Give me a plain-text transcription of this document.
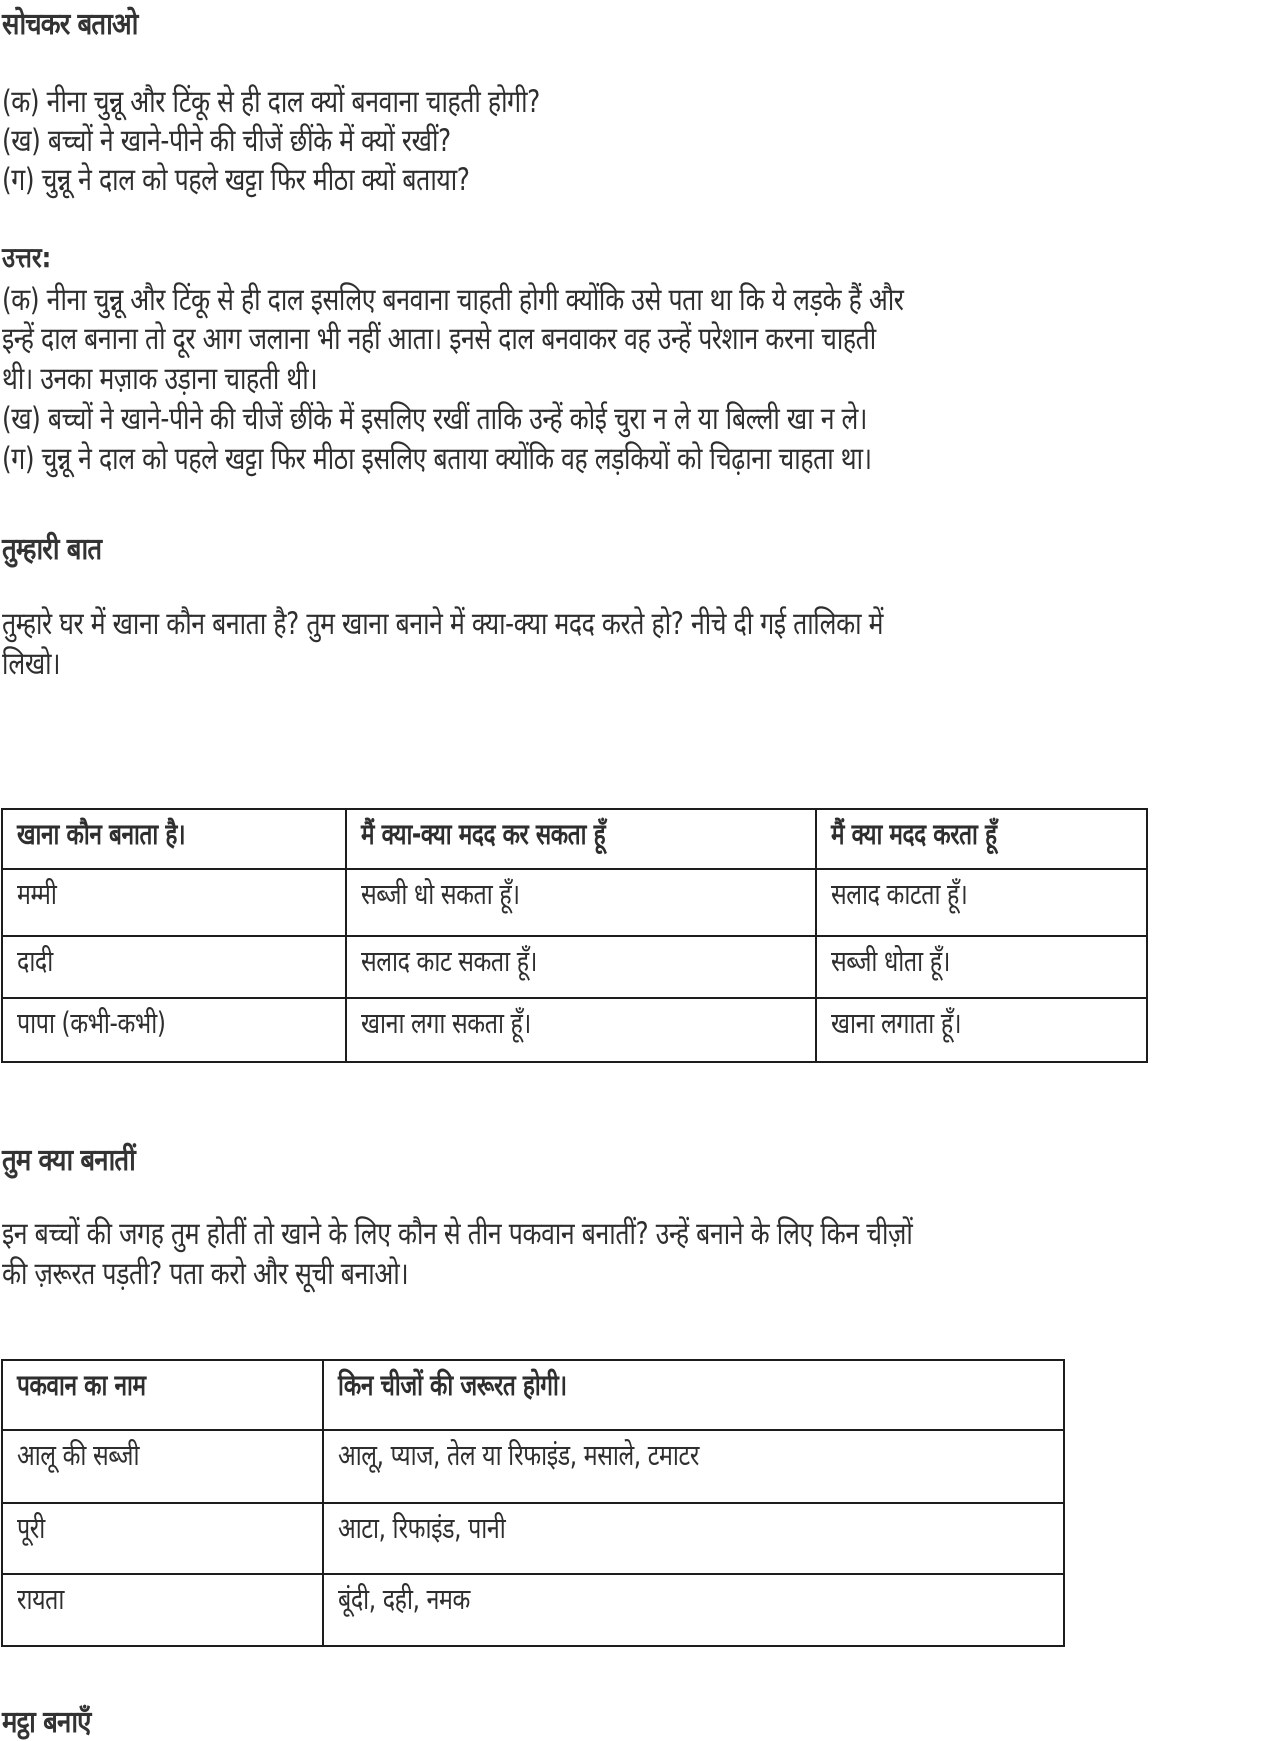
सोचकर बताओ
(क) नीना चुन्नू और टिंकू से ही दाल क्यों बनवाना चाहती होगी?
(ख) बच्चों ने खाने-पीने की चीजें छींके में क्यों रखीं?
(ग) चुन्नू ने दाल को पहले खट्टा फिर मीठा क्यों बताया?
उत्तर:
(क) नीना चुन्नू और टिंकू से ही दाल इसलिए बनवाना चाहती होगी क्योंकि उसे पता था कि ये लड़के हैं और
इन्हें दाल बनाना तो दूर आग जलाना भी नहीं आता। इनसे दाल बनवाकर वह उन्हें परेशान करना चाहती
थी। उनका मज़ाक उड़ाना चाहती थी।
(ख) बच्चों ने खाने-पीने की चीजें छींके में इसलिए रखीं ताकि उन्हें कोई चुरा न ले या बिल्ली खा न ले।
(ग) चुन्नू ने दाल को पहले खट्टा फिर मीठा इसलिए बताया क्योंकि वह लड़कियों को चिढ़ाना चाहता था।
तुम्हारी बात
तुम्हारे घर में खाना कौन बनाता है? तुम खाना बनाने में क्या-क्या मदद करते हो? नीचे दी गई तालिका में
लिखो।
खाना कौन बनाता है।	मैं क्या-क्या मदद कर सकता हूँ	मैं क्या मदद करता हूँ
मम्मी	सब्जी धो सकता हूँ।	सलाद काटता हूँ।
दादी	सलाद काट सकता हूँ।	सब्जी धोता हूँ।
पापा (कभी-कभी)	खाना लगा सकता हूँ।	खाना लगाता हूँ।
तुम क्या बनातीं
इन बच्चों की जगह तुम होतीं तो खाने के लिए कौन से तीन पकवान बनातीं? उन्हें बनाने के लिए किन चीज़ों
की ज़रूरत पड़ती? पता करो और सूची बनाओ।
पकवान का नाम	किन चीजों की जरूरत होगी।
आलू की सब्जी	आलू, प्याज, तेल या रिफाइंड, मसाले, टमाटर
पूरी	आटा, रिफाइंड, पानी
रायता	बूंदी, दही, नमक
मट्ठा बनाएँ
